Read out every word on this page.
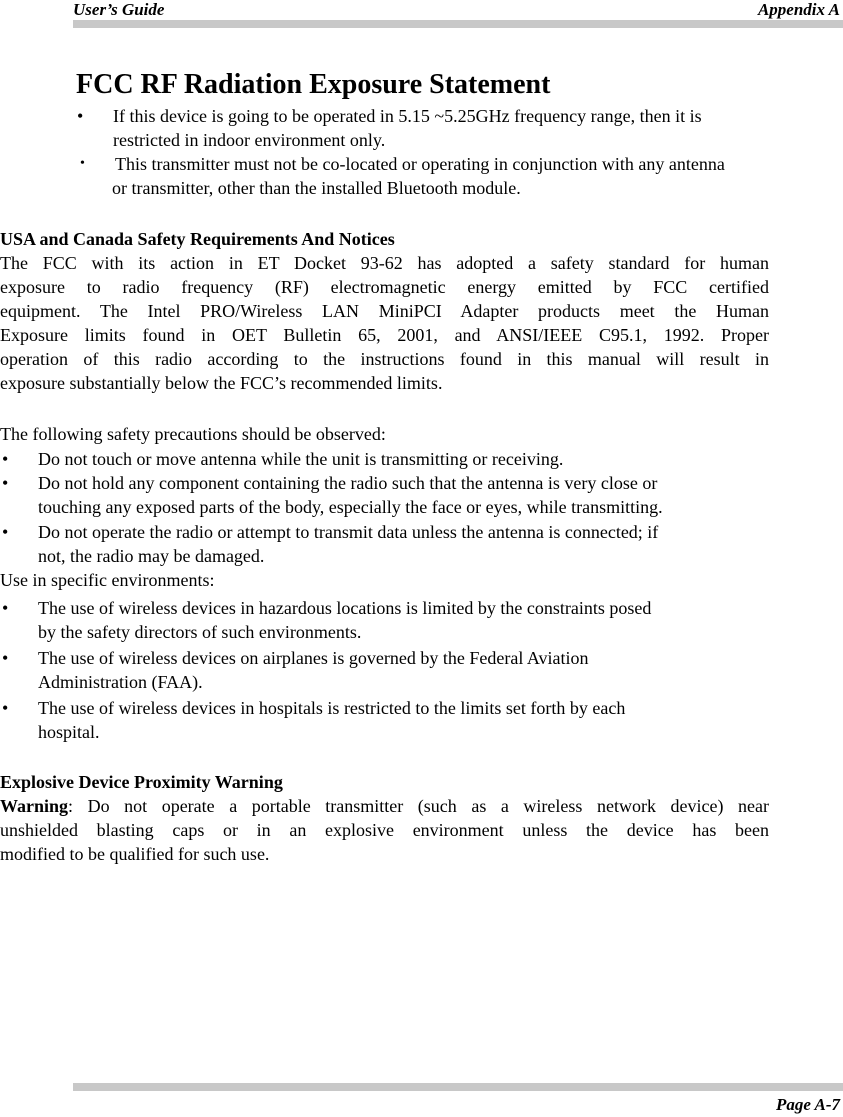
User’s Guide	Appendix A
FCC RF Radiation Exposure Statement
• If this device is going to be operated in 5.15 ~5.25GHz frequency range, then it is
restricted in indoor environment only.
• This transmitter must not be co-located or operating in conjunction with any antenna
or transmitter, other than the installed Bluetooth module.
USA and Canada Safety Requirements And Notices
The FCC with its action in ET Docket 93-62 has adopted a safety standard for human
exposure to radio frequency (RF) electromagnetic energy emitted by FCC certified
equipment. The Intel PRO/Wireless LAN MiniPCI Adapter products meet the Human
Exposure limits found in OET Bulletin 65, 2001, and ANSI/IEEE C95.1, 1992. Proper
operation of this radio according to the instructions found in this manual will result in
exposure substantially below the FCC’s recommended limits.
The following safety precautions should be observed:
• Do not touch or move antenna while the unit is transmitting or receiving.
• Do not hold any component containing the radio such that the antenna is very close or
touching any exposed parts of the body, especially the face or eyes, while transmitting.
• Do not operate the radio or attempt to transmit data unless the antenna is connected; if
not, the radio may be damaged.
Use in specific environments:
• The use of wireless devices in hazardous locations is limited by the constraints posed
by the safety directors of such environments.
• The use of wireless devices on airplanes is governed by the Federal Aviation
Administration (FAA).
• The use of wireless devices in hospitals is restricted to the limits set forth by each
hospital.
Explosive Device Proximity Warning
Warning: Do not operate a portable transmitter (such as a wireless network device) near
unshielded blasting caps or in an explosive environment unless the device has been
modified to be qualified for such use.
Page A-7
